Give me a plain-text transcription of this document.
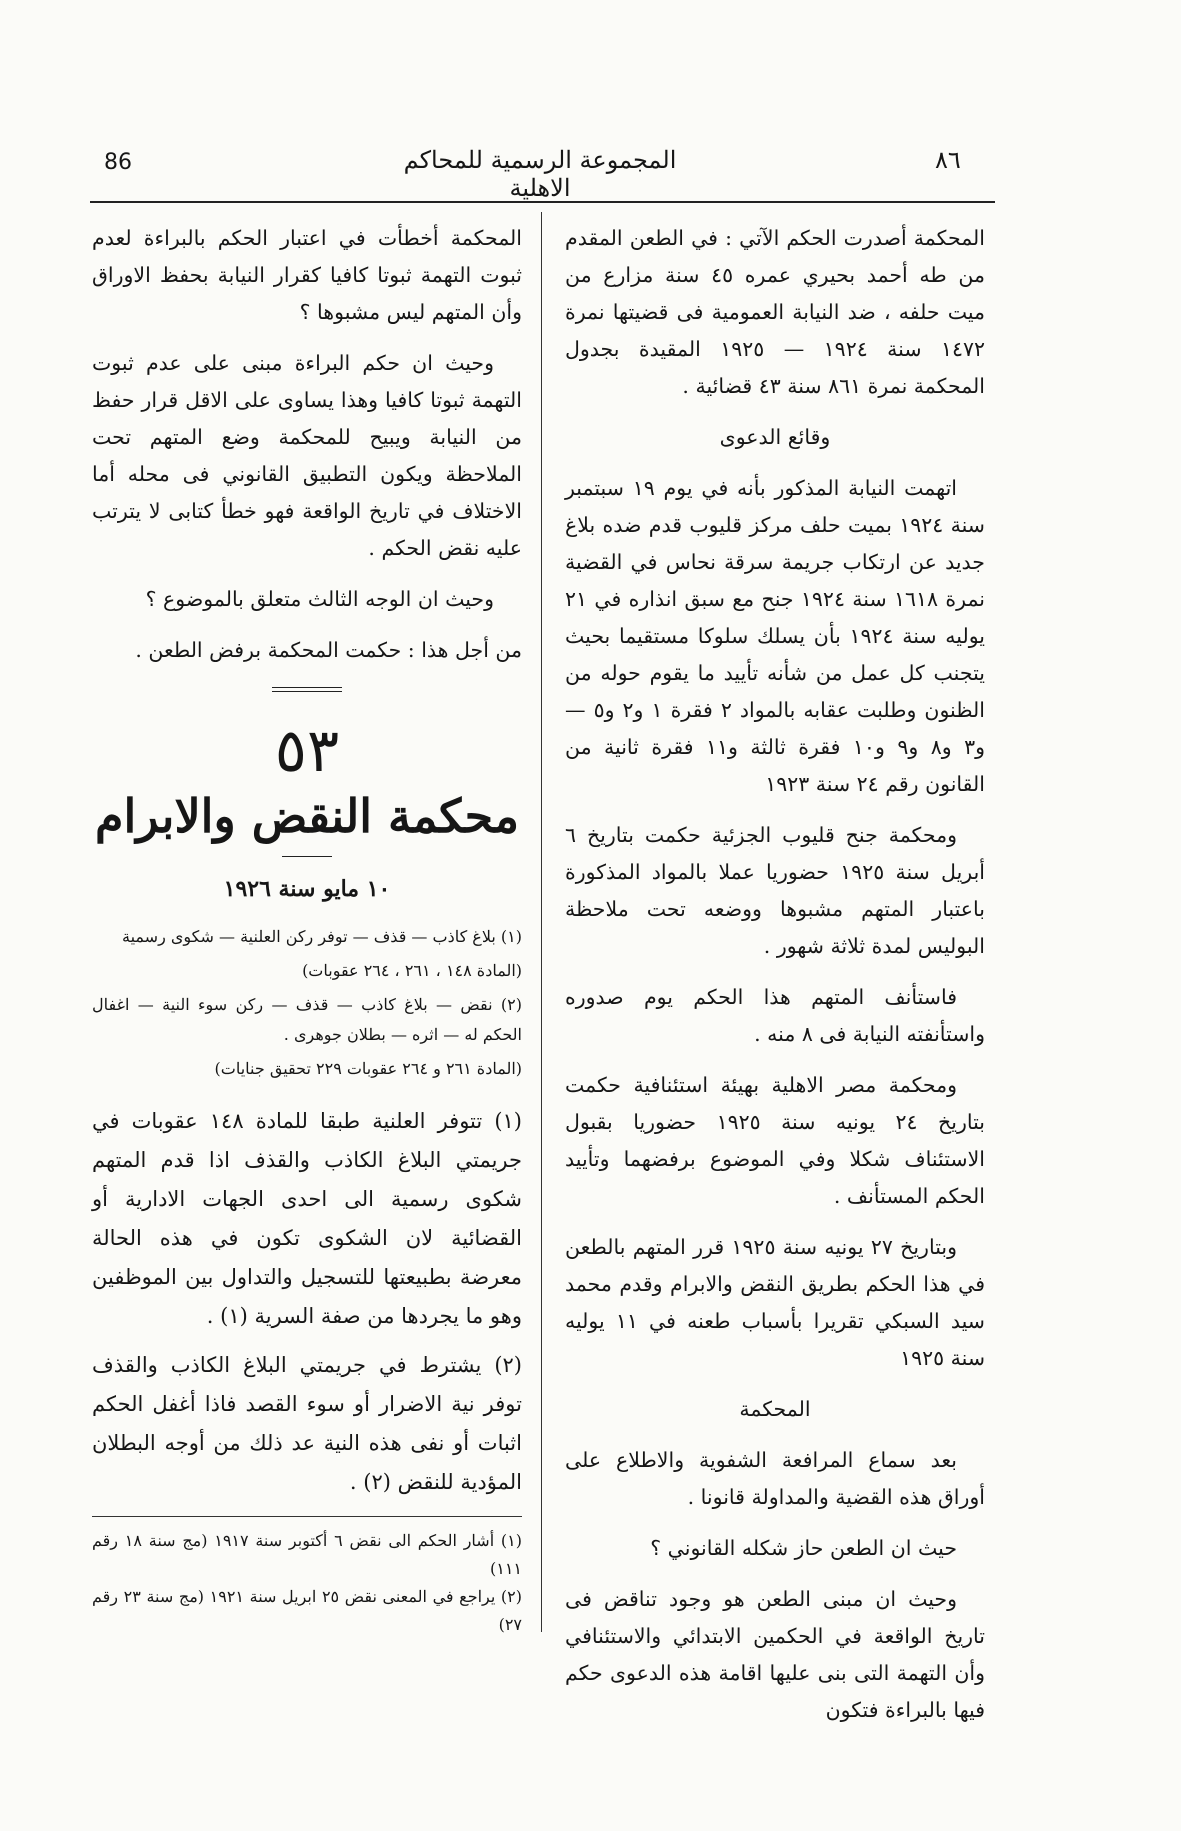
86	المجموعة الرسمية للمحاكم الاهلية
٨٦

المحكمة أصدرت الحكم الآتي : في الطعن المقدم من طه أحمد بحيري عمره ٤٥ سنة مزارع من ميت حلفه ، ضد النيابة العمومية فى قضيتها نمرة ١٤٧٢ سنة ١٩٢٤ — ١٩٢٥ المقيدة بجدول المحكمة نمرة ٨٦١ سنة ٤٣ قضائية .

وقائع الدعوى

اتهمت النيابة المذكور بأنه في يوم ١٩ سبتمبر سنة ١٩٢٤ بميت حلف مركز قليوب قدم ضده بلاغ جديد عن ارتكاب جريمة سرقة نحاس في القضية نمرة ١٦١٨ سنة ١٩٢٤ جنح مع سبق انذاره في ٢١ يوليه سنة ١٩٢٤ بأن يسلك سلوكا مستقيما بحيث يتجنب كل عمل من شأنه تأييد ما يقوم حوله من الظنون وطلبت عقابه بالمواد ٢ فقرة ١ و٢ و٥ — و٣ و٨ و٩ و١٠ فقرة ثالثة و١١ فقرة ثانية من القانون رقم ٢٤ سنة ١٩٢٣

ومحكمة جنح قليوب الجزئية حكمت بتاريخ ٦ أبريل سنة ١٩٢٥ حضوريا عملا بالمواد المذكورة باعتبار المتهم مشبوها ووضعه تحت ملاحظة البوليس لمدة ثلاثة شهور .

فاستأنف المتهم هذا الحكم يوم صدوره واستأنفته النيابة فى ٨ منه .

ومحكمة مصر الاهلية بهيئة استئنافية حكمت بتاريخ ٢٤ يونيه سنة ١٩٢٥ حضوريا بقبول الاستئناف شكلا وفي الموضوع برفضهما وتأييد الحكم المستأنف .

وبتاريخ ٢٧ يونيه سنة ١٩٢٥ قرر المتهم بالطعن في هذا الحكم بطريق النقض والابرام وقدم محمد سيد السبكي تقريرا بأسباب طعنه في ١١ يوليه سنة ١٩٢٥

المحكمة

بعد سماع المرافعة الشفوية والاطلاع على أوراق هذه القضية والمداولة قانونا .

حيث ان الطعن حاز شكله القانوني ؟

وحيث ان مبنى الطعن هو وجود تناقض فى تاريخ الواقعة في الحكمين الابتدائي والاستئنافي وأن التهمة التى بنى عليها اقامة هذه الدعوى حكم فيها بالبراءة فتكون

المحكمة أخطأت في اعتبار الحكم بالبراءة لعدم ثبوت التهمة ثبوتا كافيا كقرار النيابة بحفظ الاوراق وأن المتهم ليس مشبوها ؟

وحيث ان حكم البراءة مبنى على عدم ثبوت التهمة ثبوتا كافيا وهذا يساوى على الاقل قرار حفظ من النيابة ويبيح للمحكمة وضع المتهم تحت الملاحظة ويكون التطبيق القانوني فى محله أما الاختلاف في تاريخ الواقعة فهو خطأ كتابى لا يترتب عليه نقض الحكم .

وحيث ان الوجه الثالث متعلق بالموضوع ؟

من أجل هذا : حكمت المحكمة برفض الطعن .

٥٣
محكمة النقض والابرام
١٠ مايو سنة ١٩٢٦

(١) بلاغ كاذب — قذف — توفر ركن العلنية — شكوى رسمية

(المادة ١٤٨ ، ٢٦١ ، ٢٦٤ عقوبات)

(٢) نقض — بلاغ كاذب — قذف — ركن سوء النية — اغفال الحكم له — اثره — بطلان جوهرى .

(المادة ٢٦١ و ٢٦٤ عقوبات ٢٢٩ تحقيق جنايات)

(١) تتوفر العلنية طبقا للمادة ١٤٨ عقوبات في جريمتي البلاغ الكاذب والقذف اذا قدم المتهم شكوى رسمية الى احدى الجهات الادارية أو القضائية لان الشكوى تكون في هذه الحالة معرضة بطبيعتها للتسجيل والتداول بين الموظفين وهو ما يجردها من صفة السرية (١) .

(٢) يشترط في جريمتي البلاغ الكاذب والقذف توفر نية الاضرار أو سوء القصد فاذا أغفل الحكم اثبات أو نفى هذه النية عد ذلك من أوجه البطلان المؤدية للنقض (٢) .

(١) أشار الحكم الى نقض ٦ أكتوبر سنة ١٩١٧ (مج سنة ١٨ رقم ١١١)

(٢) يراجع في المعنى نقض ٢٥ ابريل سنة ١٩٢١ (مج سنة ٢٣ رقم ٢٧)
